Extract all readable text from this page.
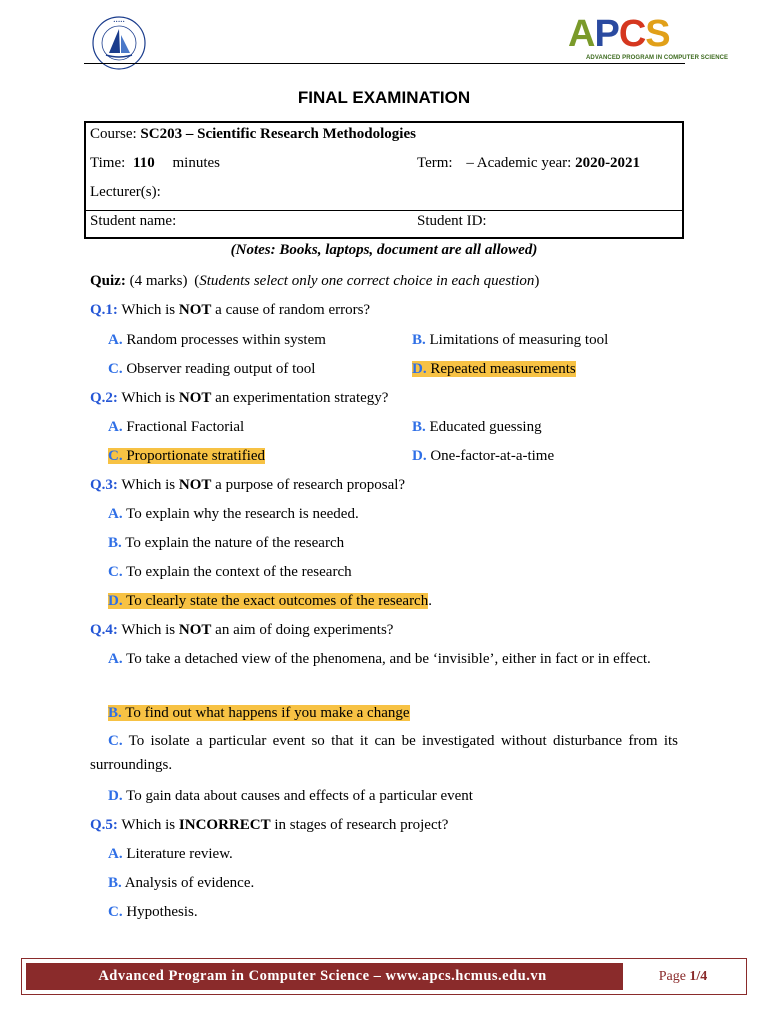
•••••	APCS
ADVANCED PROGRAM IN COMPUTER SCIENCE
FINAL EXAMINATION
Course: SC203 – Scientific Research Methodologies
Time: 110 minutes	Term: – Academic year: 2020-2021
Lecturer(s):
Student name:	Student ID:
(Notes: Books, laptops, document are all allowed)
Quiz: (4 marks) (Students select only one correct choice in each question)
Q.1: Which is NOT a cause of random errors?
A. Random processes within system	B. Limitations of measuring tool
C. Observer reading output of tool	D. Repeated measurements
Q.2: Which is NOT an experimentation strategy?
A. Fractional Factorial	B. Educated guessing
C. Proportionate stratified	D. One-factor-at-a-time
Q.3: Which is NOT a purpose of research proposal?
A. To explain why the research is needed.
B. To explain the nature of the research
C. To explain the context of the research
D. To clearly state the exact outcomes of the research.
Q.4: Which is NOT an aim of doing experiments?
A. To take a detached view of the phenomena, and be ‘invisible’, either in fact or in effect.
B. To find out what happens if you make a change
C. To isolate a particular event so that it can be investigated without disturbance from its surroundings.
D. To gain data about causes and effects of a particular event
Q.5: Which is INCORRECT in stages of research project?
A. Literature review.
B. Analysis of evidence.
C. Hypothesis.
Advanced Program in Computer Science – www.apcs.hcmus.edu.vn	Page 1/4
